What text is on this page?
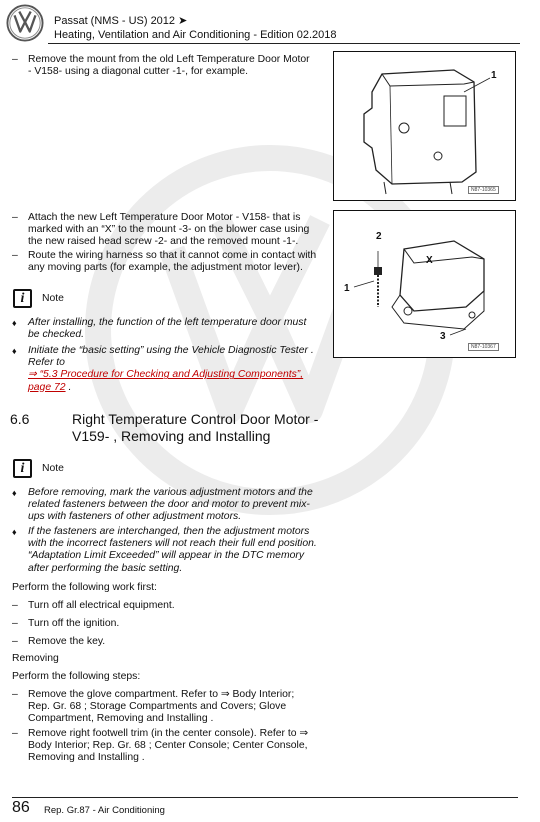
Passat (NMS - US) 2012 ➤
Heating, Ventilation and Air Conditioning - Edition 02.2018
– Remove the mount from the old Left Temperature Door Motor
- V158- using a diagonal cutter -1-, for example.	1
N87-10365
– Attach the new Left Temperature Door Motor - V158- that is
marked with an “X” to the mount -3- on the blower case using
the new raised head screw -2- and the removed mount -1-.
– Route the wiring harness so that it cannot come in contact with
any moving parts (for example, the adjustment motor lever).
2
X
1
3
N87-10367
i	Note
♦ After installing, the function of the left temperature door must
be checked.
♦ Initiate the “basic setting” using the Vehicle Diagnostic Tester .
Refer to
⇒ “5.3 Procedure for Checking and Adjusting Components”,
page 72 .
6.6	Right Temperature Control Door Motor -
V159- , Removing and Installing
i	Note
♦ Before removing, mark the various adjustment motors and the
related fasteners between the door and motor to prevent mix-
ups with fasteners of other adjustment motors.
♦ If the fasteners are interchanged, then the adjustment motors
with the incorrect fasteners will not reach their full end position.
“Adaptation Limit Exceeded” will appear in the DTC memory
after performing the basic setting.
Perform the following work first:
– Turn off all electrical equipment.
– Turn off the ignition.
– Remove the key.
Removing
Perform the following steps:
– Remove the glove compartment. Refer to ⇒ Body Interior;
Rep. Gr. 68 ; Storage Compartments and Covers; Glove
Compartment, Removing and Installing .
– Remove right footwell trim (in the center console). Refer to ⇒
Body Interior; Rep. Gr. 68 ; Center Console; Center Console,
Removing and Installing .
86 Rep. Gr.87 - Air Conditioning
